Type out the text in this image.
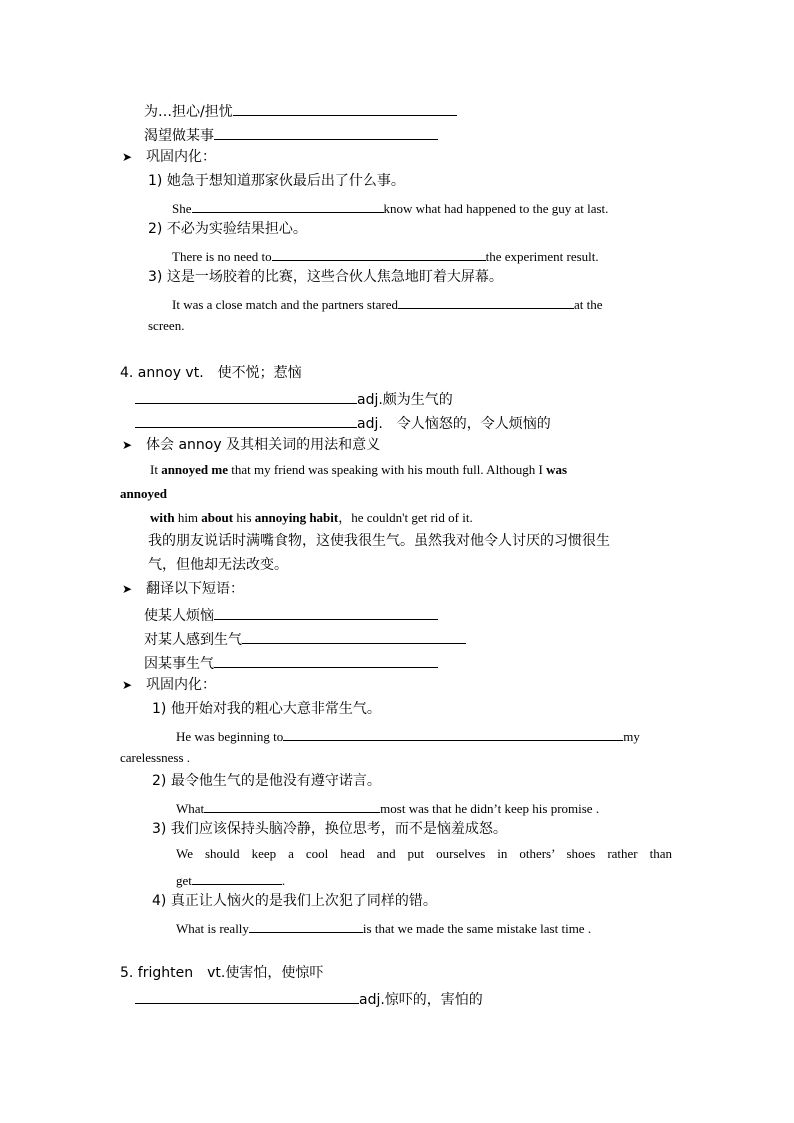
为…担心/担忧
渴望做某事
➤ 巩固内化：
1) 她急于想知道那家伙最后出了什么事。
She	know what had happened to the guy at last.
2) 不必为实验结果担心。
There is no need to	the experiment result.
3) 这是一场胶着的比赛，这些合伙人焦急地盯着大屏幕。
It was a close match and the partners stared	at the
screen.
4. annoy vt.　使不悦；惹恼
adj.颇为生气的
adj.　令人恼怒的，令人烦恼的
➤ 体会 annoy 及其相关词的用法和意义
It annoyed me that my friend was speaking with his mouth full. Although I was
annoyed
with him about his annoying habit，he couldn't get rid of it.
我的朋友说话时满嘴食物，这使我很生气。虽然我对他令人讨厌的习惯很生
气，但他却无法改变。
➤ 翻译以下短语：
使某人烦恼
对某人感到生气
因某事生气
➤ 巩固内化：
1) 他开始对我的粗心大意非常生气。
He was beginning to	my
carelessness .
2) 最令他生气的是他没有遵守诺言。
What	most was that he didn’t keep his promise .
3) 我们应该保持头脑冷静，换位思考，而不是恼羞成怒。
We should keep a cool head and put ourselves in others’ shoes rather than
get	.
4) 真正让人恼火的是我们上次犯了同样的错。
What is really	is that we made the same mistake last time .
5. frighten　vt.使害怕，使惊吓
adj.惊吓的，害怕的
